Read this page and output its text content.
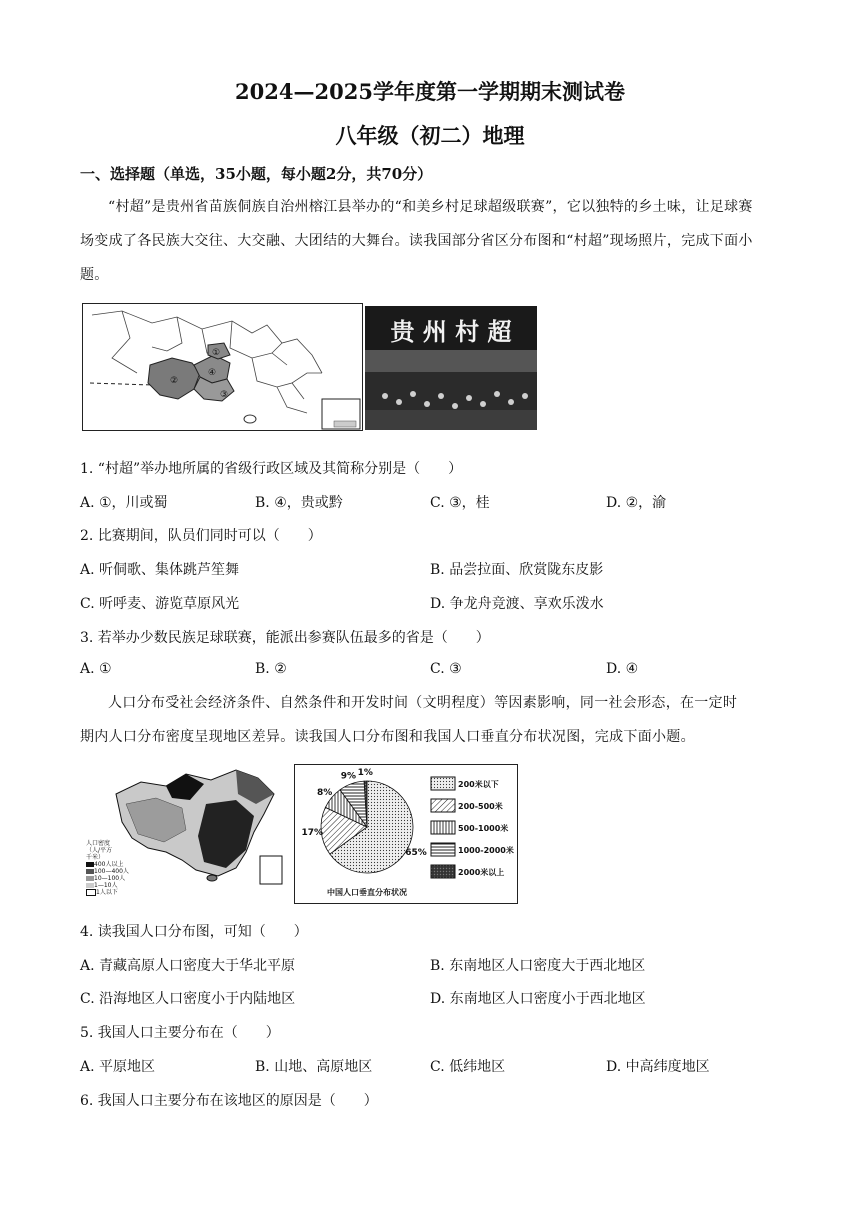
2024—2025学年度第一学期期末测试卷
八年级（初二）地理
一、选择题（单选，35小题，每小题2分，共70分）
“村超”是贵州省苗族侗族自治州榕江县举办的“和美乡村足球超级联赛”，它以独特的乡土味，让足球赛
场变成了各民族大交往、大交融、大团结的大舞台。读我国部分省区分布图和“村超”现场照片，完成下面小
题。
①
②
③
④
贵 州 村 超
1. “村超”举办地所属的省级行政区域及其简称分别是（　　）
A. ①，川或蜀	B. ④，贵或黔	C. ③，桂	D. ②，渝
2. 比赛期间，队员们同时可以（　　）
A. 听侗歌、集体跳芦笙舞	B. 品尝拉面、欣赏陇东皮影
C. 听呼麦、游览草原风光	D. 争龙舟竞渡、享欢乐泼水
3. 若举办少数民族足球联赛，能派出参赛队伍最多的省是（　　）
A. ①	B. ②	C. ③	D. ④
人口分布受社会经济条件、自然条件和开发时间（文明程度）等因素影响，同一社会形态，在一定时
期内人口分布密度呈现地区差异。读我国人口分布图和我国人口垂直分布状况图，完成下面小题。
人口密度（人/平方千米）
400人以上
100—400人
10—100人
1—10人
1人以下
65%
17%
8%
9% 1%
200米以下
200-500米
500-1000米
1000-2000米
2000米以上
中国人口垂直分布状况
4. 读我国人口分布图，可知（　　）
A. 青藏高原人口密度大于华北平原	B. 东南地区人口密度大于西北地区
C. 沿海地区人口密度小于内陆地区	D. 东南地区人口密度小于西北地区
5. 我国人口主要分布在（　　）
A. 平原地区	B. 山地、高原地区	C. 低纬地区	D. 中高纬度地区
6. 我国人口主要分布在该地区的原因是（　　）
